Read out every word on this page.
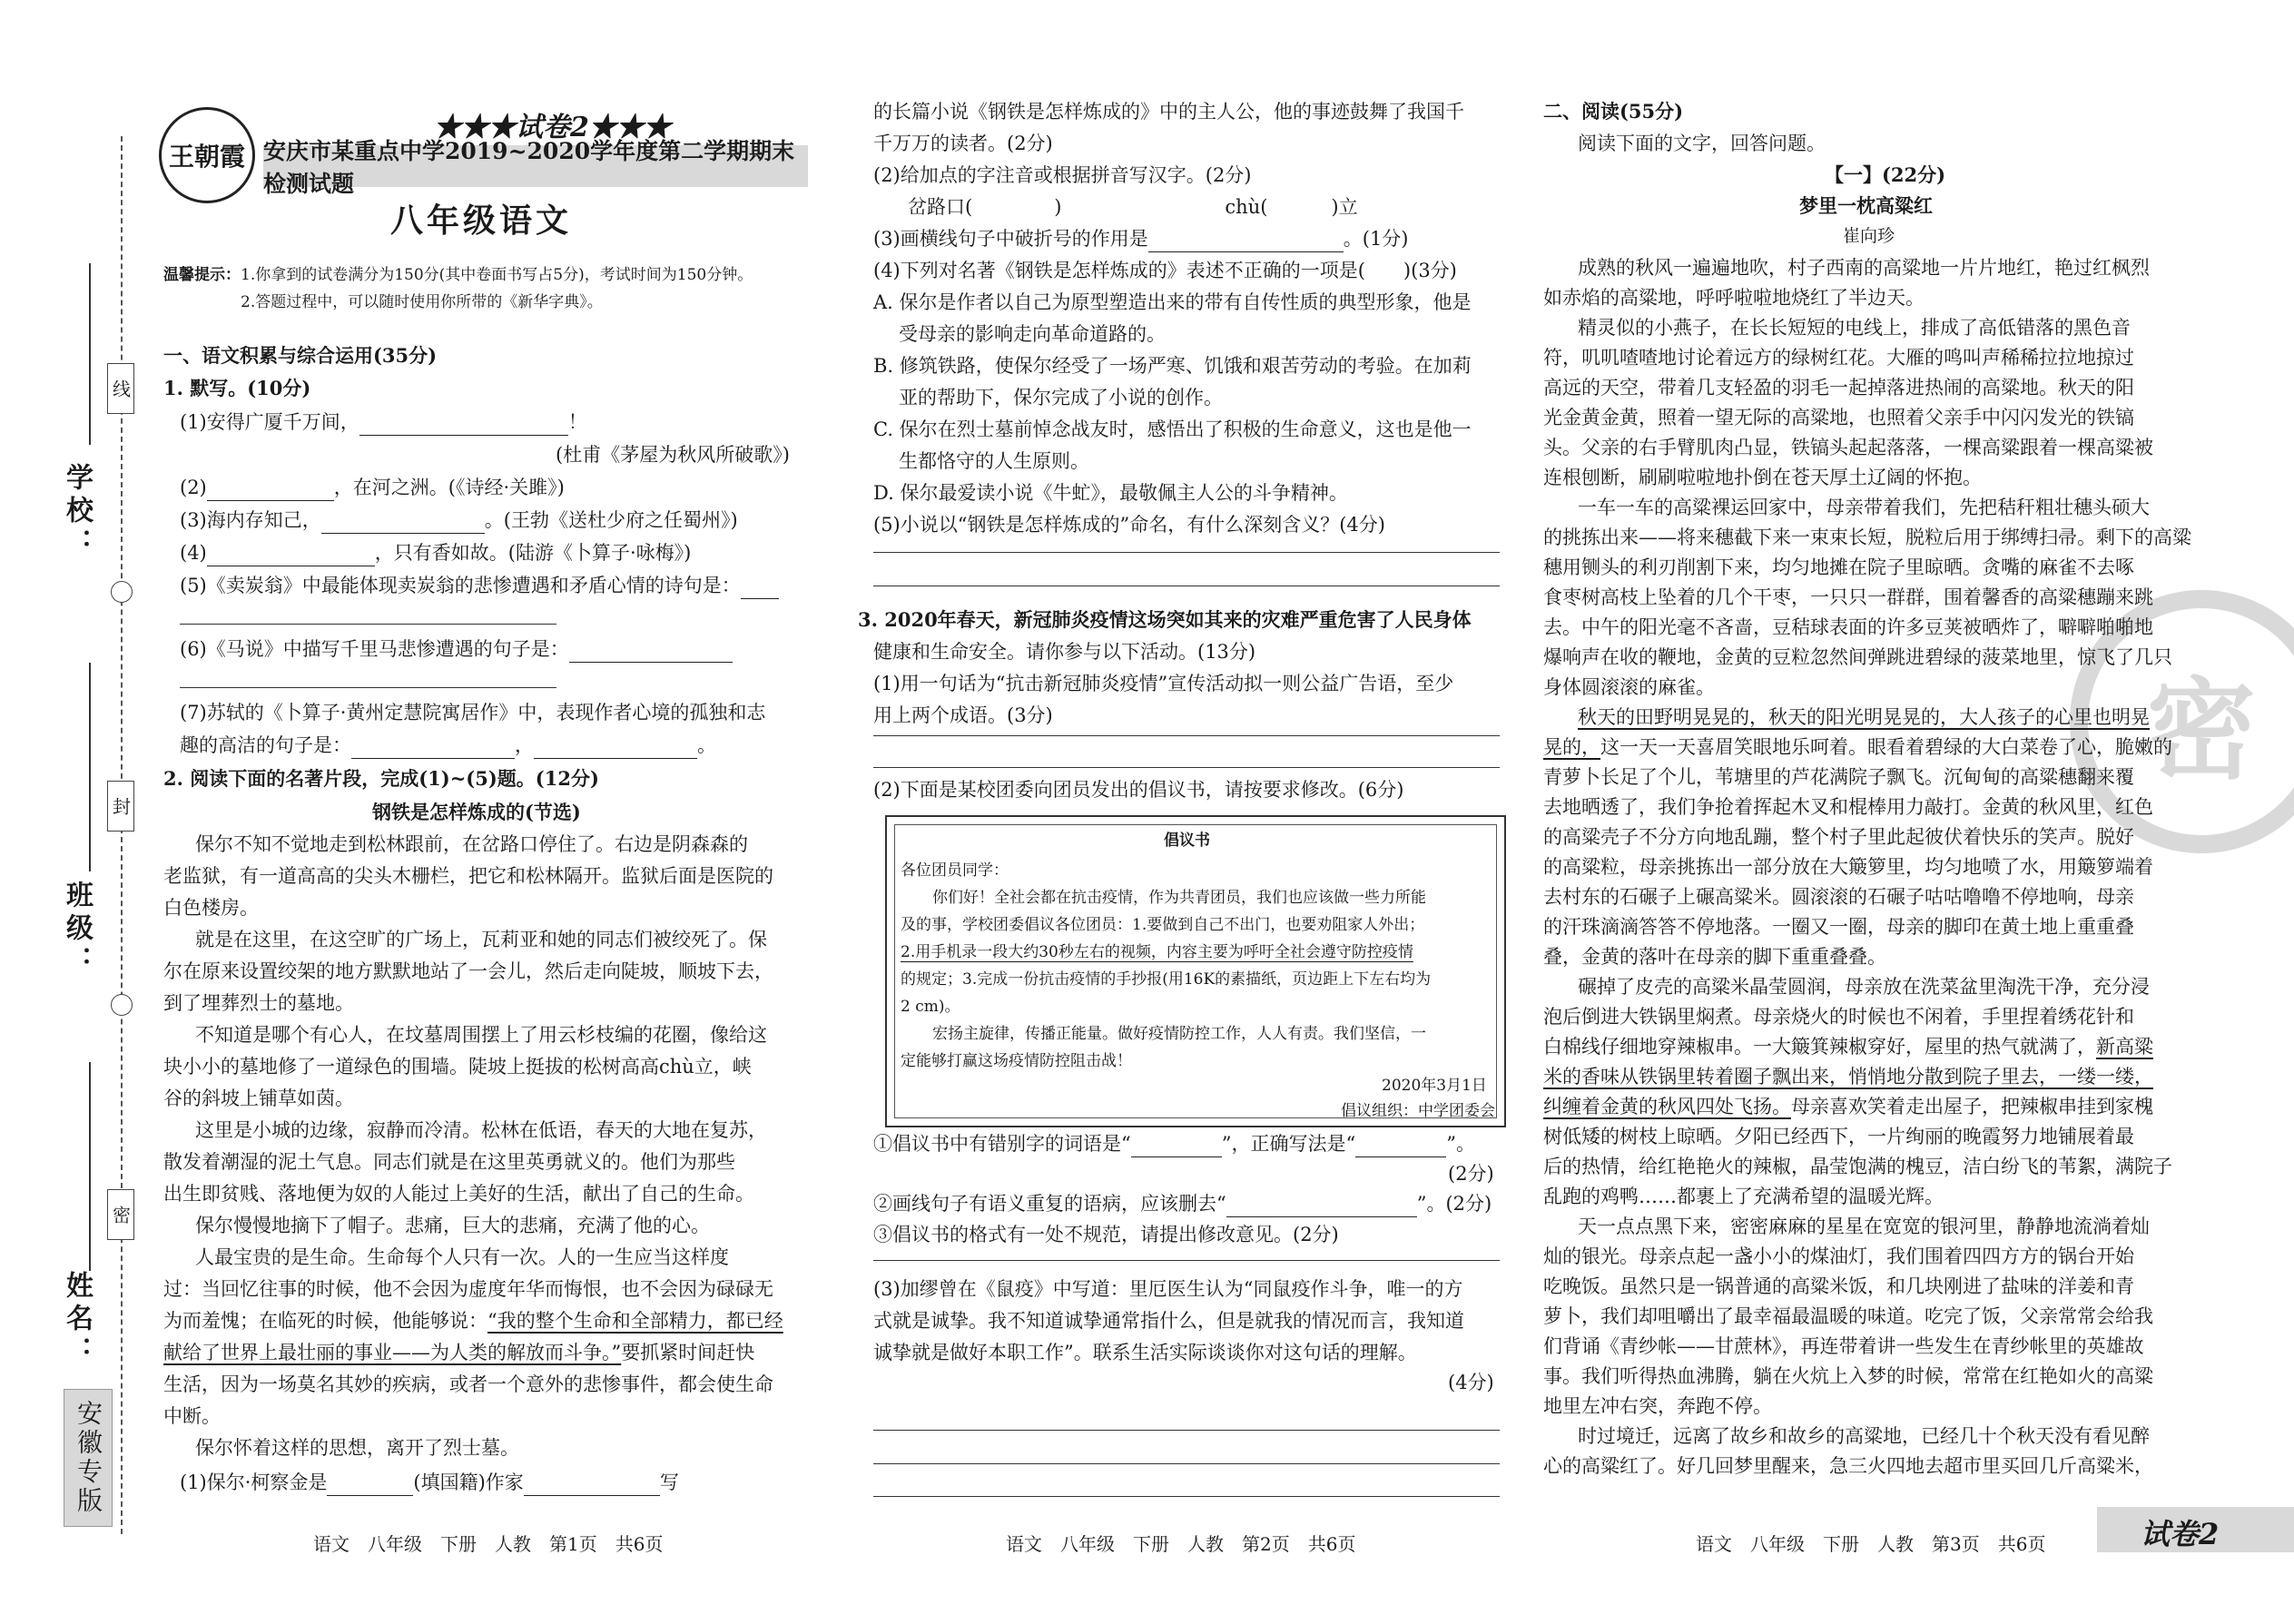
线
封
密
学校：
班级：
姓名：
安徽专版
王朝霞
★★★试卷2★★★
安庆市某重点中学2019~2020学年度第二学期期末检测试题
八年级语文
温馨提示：1.你拿到的试卷满分为150分(其中卷面书写占5分)，考试时间为150分钟。
2.答题过程中，可以随时使用你所带的《新华字典》。
一、语文积累与综合运用(35分)
1. 默写。(10分)
(1)安得广厦千万间，	！
(杜甫《茅屋为秋风所破歌》)
(2)	，在河之洲。(《诗经·关雎》)
(3)海内存知己，	。(王勃《送杜少府之任蜀州》)
(4)	，只有香如故。(陆游《卜算子·咏梅》)
(5)《卖炭翁》中最能体现卖炭翁的悲惨遭遇和矛盾心情的诗句是：
(6)《马说》中描写千里马悲惨遭遇的句子是：
(7)苏轼的《卜算子·黄州定慧院寓居作》中，表现作者心境的孤独和志
趣的高洁的句子是：	，	。
2. 阅读下面的名著片段，完成(1)~(5)题。(12分)
钢铁是怎样炼成的(节选)
保尔不知不觉地走到松林跟前，在岔路口停住了。右边是阴森森的
老监狱，有一道高高的尖头木栅栏，把它和松林隔开。监狱后面是医院的
白色楼房。
就是在这里，在这空旷的广场上，瓦莉亚和她的同志们被绞死了。保
尔在原来设置绞架的地方默默地站了一会儿，然后走向陡坡，顺坡下去，
到了埋葬烈士的墓地。
不知道是哪个有心人，在坟墓周围摆上了用云杉枝编的花圈，像给这
块小小的墓地修了一道绿色的围墙。陡坡上挺拔的松树高高chù立，峡
谷的斜坡上铺草如茵。
这里是小城的边缘，寂静而冷清。松林在低语，春天的大地在复苏，
散发着潮湿的泥土气息。同志们就是在这里英勇就义的。他们为那些
出生即贫贱、落地便为奴的人能过上美好的生活，献出了自己的生命。
保尔慢慢地摘下了帽子。悲痛，巨大的悲痛，充满了他的心。
人最宝贵的是生命。生命每个人只有一次。人的一生应当这样度
过：当回忆往事的时候，他不会因为虚度年华而悔恨，也不会因为碌碌无
为而羞愧；在临死的时候，他能够说：“我的整个生命和全部精力，都已经
献给了世界上最壮丽的事业——为人类的解放而斗争。”要抓紧时间赶快
生活，因为一场莫名其妙的疾病，或者一个意外的悲惨事件，都会使生命
中断。
保尔怀着这样的思想，离开了烈士墓。
(1)保尔·柯察金是	(填国籍)作家	写
语文　八年级　下册　人教　第1页　共6页
的长篇小说《钢铁是怎样炼成的》中的主人公，他的事迹鼓舞了我国千
千万万的读者。(2分)
(2)给加点的字注音或根据拼音写汉字。(2分)
岔路口(	)	chù(	)立
(3)画横线句子中破折号的作用是	。(1分)
(4)下列对名著《钢铁是怎样炼成的》表述不正确的一项是(　　)(3分)
A. 保尔是作者以自己为原型塑造出来的带有自传性质的典型形象，他是
受母亲的影响走向革命道路的。
B. 修筑铁路，使保尔经受了一场严寒、饥饿和艰苦劳动的考验。在加莉
亚的帮助下，保尔完成了小说的创作。
C. 保尔在烈士墓前悼念战友时，感悟出了积极的生命意义，这也是他一
生都恪守的人生原则。
D. 保尔最爱读小说《牛虻》，最敬佩主人公的斗争精神。
(5)小说以“钢铁是怎样炼成的”命名，有什么深刻含义？(4分)
3. 2020年春天，新冠肺炎疫情这场突如其来的灾难严重危害了人民身体
健康和生命安全。请你参与以下活动。(13分)
(1)用一句话为“抗击新冠肺炎疫情”宣传活动拟一则公益广告语，至少
用上两个成语。(3分)
(2)下面是某校团委向团员发出的倡议书，请按要求修改。(6分)
倡议书
各位团员同学：
你们好！全社会都在抗击疫情，作为共青团员，我们也应该做一些力所能
及的事，学校团委倡议各位团员：1.要做到自己不出门，也要劝阻家人外出；
2.用手机录一段大约30秒左右的视频，内容主要为呼吁全社会遵守防控疫情
的规定；3.完成一份抗击疫情的手抄报(用16K的素描纸，页边距上下左右均为
2 cm)。
宏扬主旋律，传播正能量。做好疫情防控工作，人人有责。我们坚信，一
定能够打赢这场疫情防控阻击战！
2020年3月1日
倡议组织：中学团委会
①倡议书中有错别字的词语是“	”，正确写法是“	”。
(2分)
②画线句子有语义重复的语病，应该删去“	”。(2分)
③倡议书的格式有一处不规范，请提出修改意见。(2分)
(3)加缪曾在《鼠疫》中写道：里厄医生认为“同鼠疫作斗争，唯一的方
式就是诚挚。我不知道诚挚通常指什么，但是就我的情况而言，我知道
诚挚就是做好本职工作”。联系生活实际谈谈你对这句话的理解。
(4分)
语文　八年级　下册　人教　第2页　共6页
密
二、阅读(55分)
阅读下面的文字，回答问题。
【一】(22分)
梦里一枕高粱红
崔向珍
成熟的秋风一遍遍地吹，村子西南的高粱地一片片地红，艳过红枫烈
如赤焰的高粱地，呼呼啦啦地烧红了半边天。
精灵似的小燕子，在长长短短的电线上，排成了高低错落的黑色音
符，叽叽喳喳地讨论着远方的绿树红花。大雁的鸣叫声稀稀拉拉地掠过
高远的天空，带着几支轻盈的羽毛一起掉落进热闹的高粱地。秋天的阳
光金黄金黄，照着一望无际的高粱地，也照着父亲手中闪闪发光的铁镐
头。父亲的右手臂肌肉凸显，铁镐头起起落落，一棵高粱跟着一棵高粱被
连根刨断，刷刷啦啦地扑倒在苍天厚土辽阔的怀抱。
一车一车的高粱裸运回家中，母亲带着我们，先把秸秆粗壮穗头硕大
的挑拣出来——将来穗截下来一束束长短，脱粒后用于绑缚扫帚。剩下的高粱
穗用铡头的利刃削割下来，均匀地摊在院子里晾晒。贪嘴的麻雀不去啄
食枣树高枝上坠着的几个干枣，一只只一群群，围着馨香的高粱穗蹦来跳
去。中午的阳光毫不吝啬，豆秸球表面的许多豆荚被晒炸了，噼噼啪啪地
爆响声在收的鞭地，金黄的豆粒忽然间弹跳进碧绿的菠菜地里，惊飞了几只
身体圆滚滚的麻雀。
秋天的田野明晃晃的，秋天的阳光明晃晃的，大人孩子的心里也明晃
晃的，这一天一天喜眉笑眼地乐呵着。眼看着碧绿的大白菜卷了心，脆嫩的
青萝卜长足了个儿，苇塘里的芦花满院子飘飞。沉甸甸的高粱穗翻来覆
去地晒透了，我们争抢着挥起木叉和棍棒用力敲打。金黄的秋风里，红色
的高粱壳子不分方向地乱蹦，整个村子里此起彼伏着快乐的笑声。脱好
的高粱粒，母亲挑拣出一部分放在大簸箩里，均匀地喷了水，用簸箩端着
去村东的石碾子上碾高粱米。圆滚滚的石碾子咕咕噜噜不停地响，母亲
的汗珠滴滴答答不停地落。一圈又一圈，母亲的脚印在黄土地上重重叠
叠，金黄的落叶在母亲的脚下重重叠叠。
碾掉了皮壳的高粱米晶莹圆润，母亲放在洗菜盆里淘洗干净，充分浸
泡后倒进大铁锅里焖煮。母亲烧火的时候也不闲着，手里捏着绣花针和
白棉线仔细地穿辣椒串。一大簸箕辣椒穿好，屋里的热气就满了，新高粱
米的香味从铁锅里转着圈子飘出来，悄悄地分散到院子里去，一缕一缕，
纠缠着金黄的秋风四处飞扬。母亲喜欢笑着走出屋子，把辣椒串挂到家槐
树低矮的树枝上晾晒。夕阳已经西下，一片绚丽的晚霞努力地铺展着最
后的热情，给红艳艳火的辣椒，晶莹饱满的槐豆，洁白纷飞的苇絮，满院子
乱跑的鸡鸭……都裹上了充满希望的温暖光辉。
天一点点黑下来，密密麻麻的星星在宽宽的银河里，静静地流淌着灿
灿的银光。母亲点起一盏小小的煤油灯，我们围着四四方方的锅台开始
吃晚饭。虽然只是一锅普通的高粱米饭，和几块刚进了盐味的洋姜和青
萝卜，我们却咀嚼出了最幸福最温暖的味道。吃完了饭，父亲常常会给我
们背诵《青纱帐——甘蔗林》，再连带着讲一些发生在青纱帐里的英雄故
事。我们听得热血沸腾，躺在火炕上入梦的时候，常常在红艳如火的高粱
地里左冲右突，奔跑不停。
时过境迁，远离了故乡和故乡的高粱地，已经几十个秋天没有看见醉
心的高粱红了。好几回梦里醒来，急三火四地去超市里买回几斤高粱米，
语文　八年级　下册　人教　第3页　共6页	试卷2
